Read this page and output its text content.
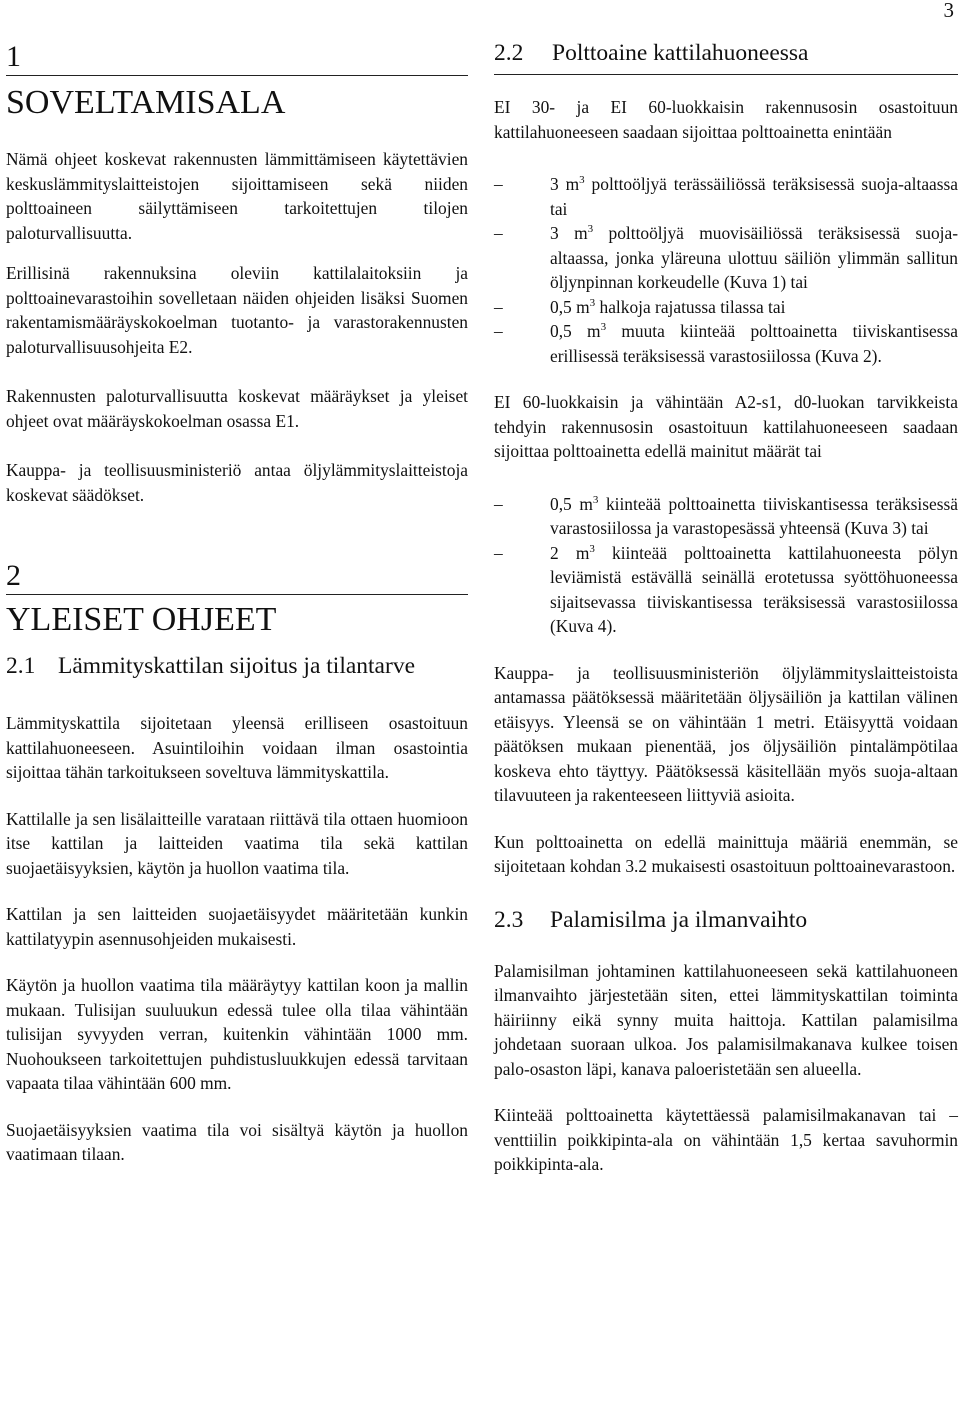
3
1
SOVELTAMISALA

Nämä ohjeet koskevat rakennusten lämmittämiseen käytettävien keskuslämmityslaitteistojen sijoittamiseen sekä niiden polttoaineen säilyttämiseen tarkoitettujen tilojen paloturvallisuutta.

Erillisinä rakennuksina oleviin kattilalaitoksiin ja polttoainevarastoihin sovelletaan näiden ohjeiden lisäksi Suomen rakentamismääräyskokoelman tuotanto- ja varastorakennusten paloturvallisuusohjeita E2.

Rakennusten paloturvallisuutta koskevat määräykset ja yleiset ohjeet ovat määräyskokoelman osassa E1.

Kauppa- ja teollisuusministeriö antaa öljylämmityslaitteistoja koskevat säädökset.

2
YLEISET OHJEET
2.1 Lämmityskattilan sijoitus ja tilantarve

Lämmityskattila sijoitetaan yleensä erilliseen osastoituun kattilahuoneeseen. Asuintiloihin voidaan ilman osastointia sijoittaa tähän tarkoitukseen soveltuva lämmityskattila.

Kattilalle ja sen lisälaitteille varataan riittävä tila ottaen huomioon itse kattilan ja laitteiden vaatima tila sekä kattilan suojaetäisyyksien, käytön ja huollon vaatima tila.

Kattilan ja sen laitteiden suojaetäisyydet määritetään kunkin kattilatyypin asennusohjeiden mukaisesti.

Käytön ja huollon vaatima tila määräytyy kattilan koon ja mallin mukaan. Tulisijan suuluukun edessä tulee olla tilaa vähintään tulisijan syvyyden verran, kuitenkin vähintään 1000 mm. Nuohoukseen tarkoitettujen puhdistusluukkujen edessä tarvitaan vapaata tilaa vähintään 600 mm.

Suojaetäisyyksien vaatima tila voi sisältyä käytön ja huollon vaatimaan tilaan.

2.2	Polttoaine kattilahuoneessa

EI 30- ja EI 60-luokkaisin rakennusosin osastoituun kattilahuoneeseen saadaan sijoittaa polttoainetta enintään

–	3 $m^3$ polttoöljyä terässäiliössä teräksisessä suoja-altaassa tai
–	3 $m^3$ polttoöljyä muovisäiliössä teräksisessä suoja-altaassa, jonka yläreuna ulottuu säiliön ylimmän sallitun öljynpinnan korkeudelle (Kuva 1) tai
–	0,5 $m^3$ halkoja rajatussa tilassa tai
–	0,5 $m^3$ muuta kiinteää polttoainetta tiiviskantisessa erillisessä teräksisessä varastosiilossa (Kuva 2).

EI 60-luokkaisin ja vähintään A2-s1, d0-luokan tarvikkeista tehdyin rakennusosin osastoituun kattilahuoneeseen saadaan sijoittaa polttoainetta edellä mainitut määrät tai

–	0,5 $m^3$ kiinteää polttoainetta tiiviskantisessa teräksisessä varastosiilossa ja varastopesässä yhteensä (Kuva 3) tai
–	2 $m^3$ kiinteää polttoainetta kattilahuoneesta pölyn leviämistä estävällä seinällä erotetussa syöttöhuoneessa sijaitsevassa tiiviskantisessa teräksisessä varastosiilossa (Kuva 4).

Kauppa- ja teollisuusministeriön öljylämmityslaitteistoista antamassa päätöksessä määritetään öljysäiliön ja kattilan välinen etäisyys. Yleensä se on vähintään 1 metri. Etäisyyttä voidaan päätöksen mukaan pienentää, jos öljysäiliön pintalämpötilaa koskeva ehto täyttyy. Päätöksessä käsitellään myös suoja-altaan tilavuuteen ja rakenteeseen liittyviä asioita.

Kun polttoainetta on edellä mainittuja määriä enemmän, se sijoitetaan kohdan 3.2 mukaisesti osastoituun polttoainevarastoon.

2.3	Palamisilma ja ilmanvaihto

Palamisilman johtaminen kattilahuoneeseen sekä kattilahuoneen ilmanvaihto järjestetään siten, ettei lämmityskattilan toiminta häiriinny eikä synny muita haittoja. Kattilan palamisilma johdetaan suoraan ulkoa. Jos palamisilmakanava kulkee toisen palo-osaston läpi, kanava paloeristetään sen alueella.

Kiinteää polttoainetta käytettäessä palamisilmakanavan tai –venttiilin poikkipinta-ala on vähintään 1,5 kertaa savuhormin poikkipinta-ala.
